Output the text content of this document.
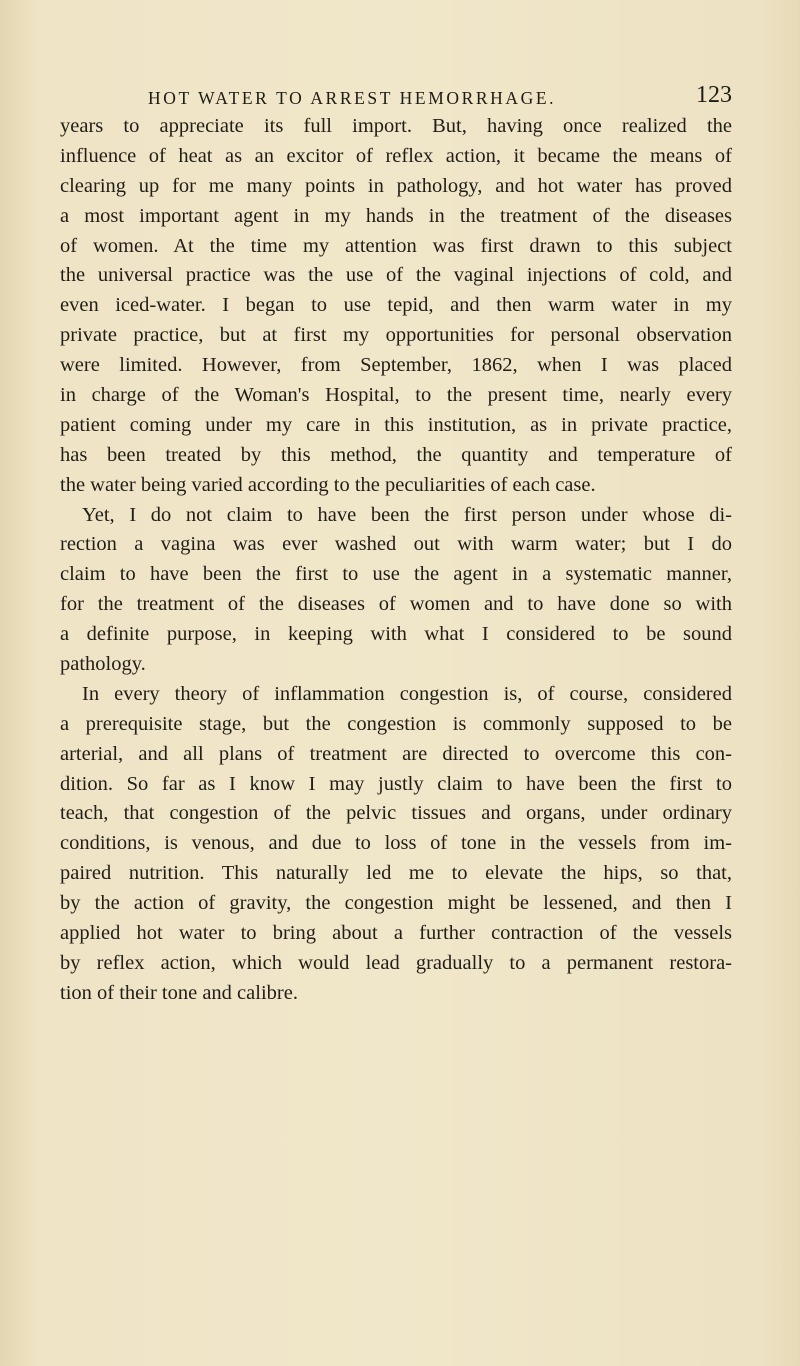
HOT WATER TO ARREST HEMORRHAGE.	123
years to appreciate its full import. But, having once realized the
influence of heat as an excitor of reflex action, it became the means of
clearing up for me many points in pathology, and hot water has proved
a most important agent in my hands in the treatment of the diseases
of women. At the time my attention was first drawn to this subject
the universal practice was the use of the vaginal injections of cold, and
even iced-water. I began to use tepid, and then warm water in my
private practice, but at first my opportunities for personal observation
were limited. However, from September, 1862, when I was placed
in charge of the Woman's Hospital, to the present time, nearly every
patient coming under my care in this institution, as in private practice,
has been treated by this method, the quantity and temperature of
the water being varied according to the peculiarities of each case.
Yet, I do not claim to have been the first person under whose di-
rection a vagina was ever washed out with warm water; but I do
claim to have been the first to use the agent in a systematic manner,
for the treatment of the diseases of women and to have done so with
a definite purpose, in keeping with what I considered to be sound
pathology.
In every theory of inflammation congestion is, of course, considered
a prerequisite stage, but the congestion is commonly supposed to be
arterial, and all plans of treatment are directed to overcome this con-
dition. So far as I know I may justly claim to have been the first to
teach, that congestion of the pelvic tissues and organs, under ordinary
conditions, is venous, and due to loss of tone in the vessels from im-
paired nutrition. This naturally led me to elevate the hips, so that,
by the action of gravity, the congestion might be lessened, and then I
applied hot water to bring about a further contraction of the vessels
by reflex action, which would lead gradually to a permanent restora-
tion of their tone and calibre.
